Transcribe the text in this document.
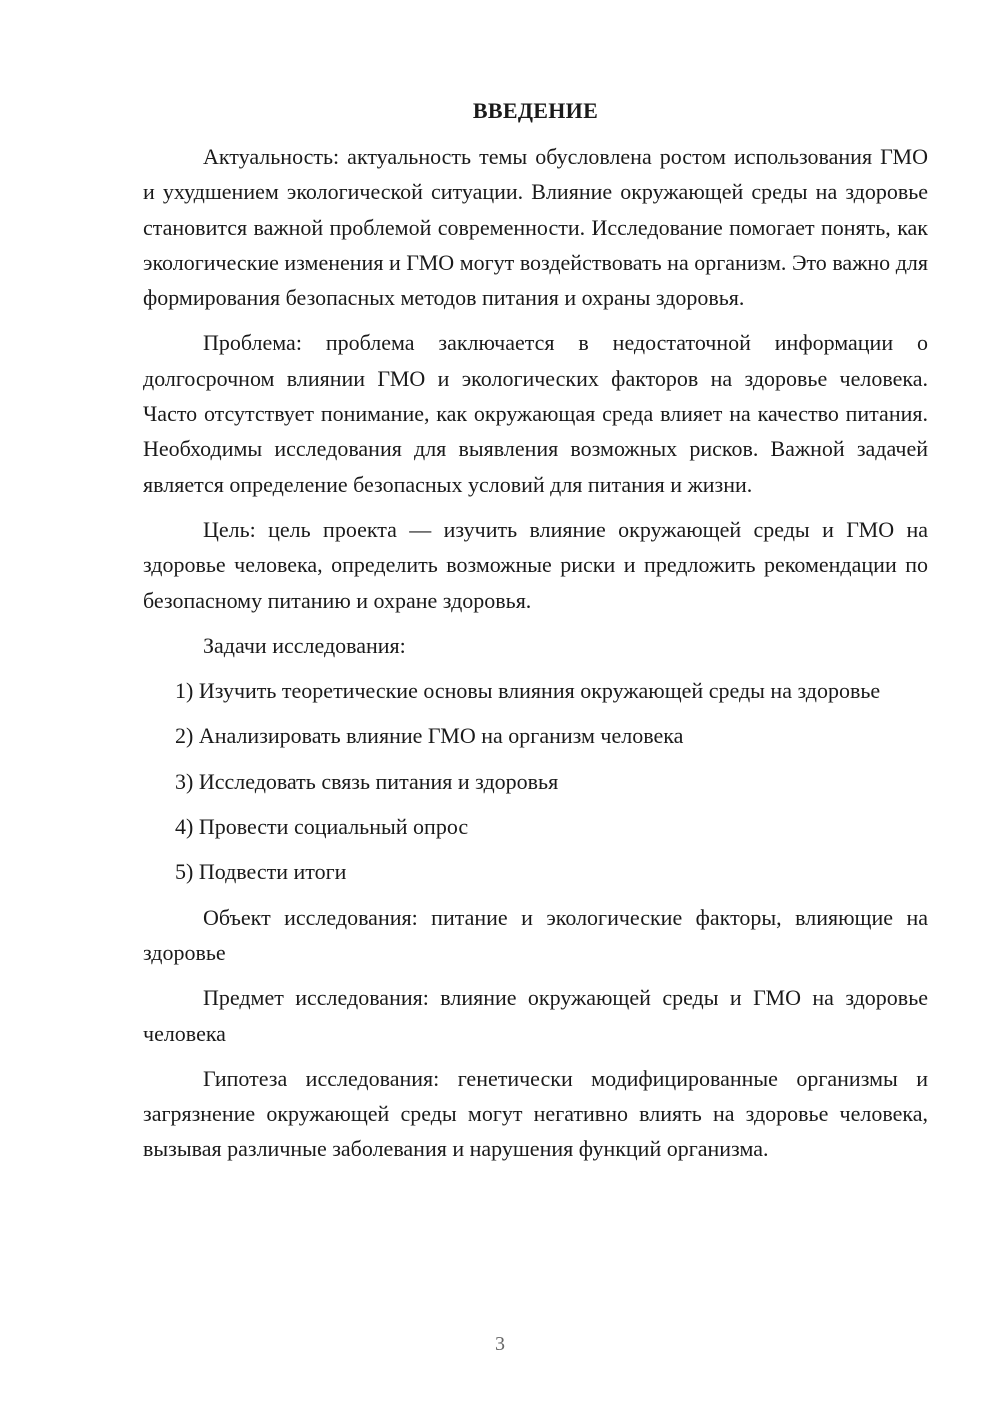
ВВЕДЕНИЕ

Актуальность: актуальность темы обусловлена ростом использования ГМО и ухудшением экологической ситуации. Влияние окружающей среды на здоровье становится важной проблемой современности. Исследование помогает понять, как экологические изменения и ГМО могут воздействовать на организм. Это важно для формирования безопасных методов питания и охраны здоровья.

Проблема: проблема заключается в недостаточной информации о долгосрочном влиянии ГМО и экологических факторов на здоровье человека. Часто отсутствует понимание, как окружающая среда влияет на качество питания. Необходимы исследования для выявления возможных рисков. Важной задачей является определение безопасных условий для питания и жизни.

Цель: цель проекта — изучить влияние окружающей среды и ГМО на здоровье человека, определить возможные риски и предложить рекомендации по безопасному питанию и охране здоровья.

Задачи исследования:

1) Изучить теоретические основы влияния окружающей среды на здоровье

2) Анализировать влияние ГМО на организм человека

3) Исследовать связь питания и здоровья

4) Провести социальный опрос

5) Подвести итоги

Объект исследования: питание и экологические факторы, влияющие на здоровье

Предмет исследования: влияние окружающей среды и ГМО на здоровье человека

Гипотеза исследования: генетически модифицированные организмы и загрязнение окружающей среды могут негативно влиять на здоровье человека, вызывая различные заболевания и нарушения функций организма.

3
